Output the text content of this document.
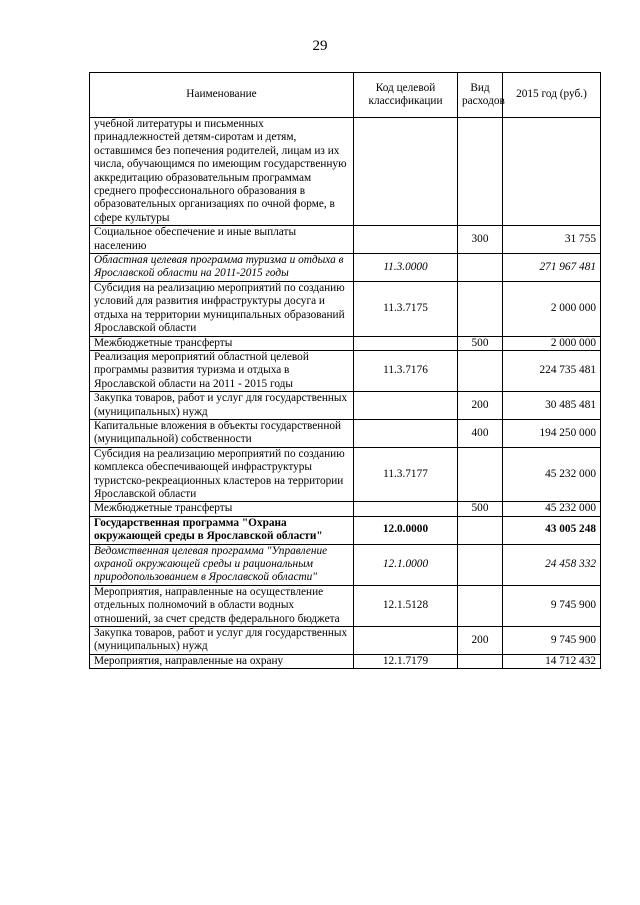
29
Наименование	Код целевой классификации	Вид расходов	2015 год (руб.)
учебной литературы и письменных принадлежностей детям-сиротам и детям, оставшимся без попечения родителей, лицам из их числа, обучающимся по имеющим государственную аккредитацию образовательным программам среднего профессионального образования в образовательных организациях по очной форме, в сфере культуры			
Социальное обеспечение и иные выплаты населению		300	31 755
Областная целевая программа туризма и отдыха в Ярославской области на 2011-2015 годы	11.3.0000		271 967 481
Субсидия на реализацию мероприятий по созданию условий для развития инфраструктуры досуга и отдыха на территории муниципальных образований Ярославской области	11.3.7175		2 000 000
Межбюджетные трансферты		500	2 000 000
Реализация мероприятий областной целевой программы развития туризма и отдыха в Ярославской области на 2011 - 2015 годы	11.3.7176		224 735 481
Закупка товаров, работ и услуг для государственных (муниципальных) нужд		200	30 485 481
Капитальные вложения в объекты государственной (муниципальной) собственности		400	194 250 000
Субсидия на реализацию мероприятий по созданию комплекса обеспечивающей инфраструктуры туристско-рекреационных кластеров на территории Ярославской области	11.3.7177		45 232 000
Межбюджетные трансферты		500	45 232 000
Государственная программа "Охрана окружающей среды в Ярославской области"	12.0.0000		43 005 248
Ведомственная целевая программа "Управление охраной окружающей среды и рациональным природопользованием в Ярославской области"	12.1.0000		24 458 332
Мероприятия, направленные на осуществление отдельных полномочий в области водных отношений, за счет средств федерального бюджета	12.1.5128		9 745 900
Закупка товаров, работ и услуг для государственных (муниципальных) нужд		200	9 745 900
Мероприятия, направленные на охрану	12.1.7179		14 712 432
